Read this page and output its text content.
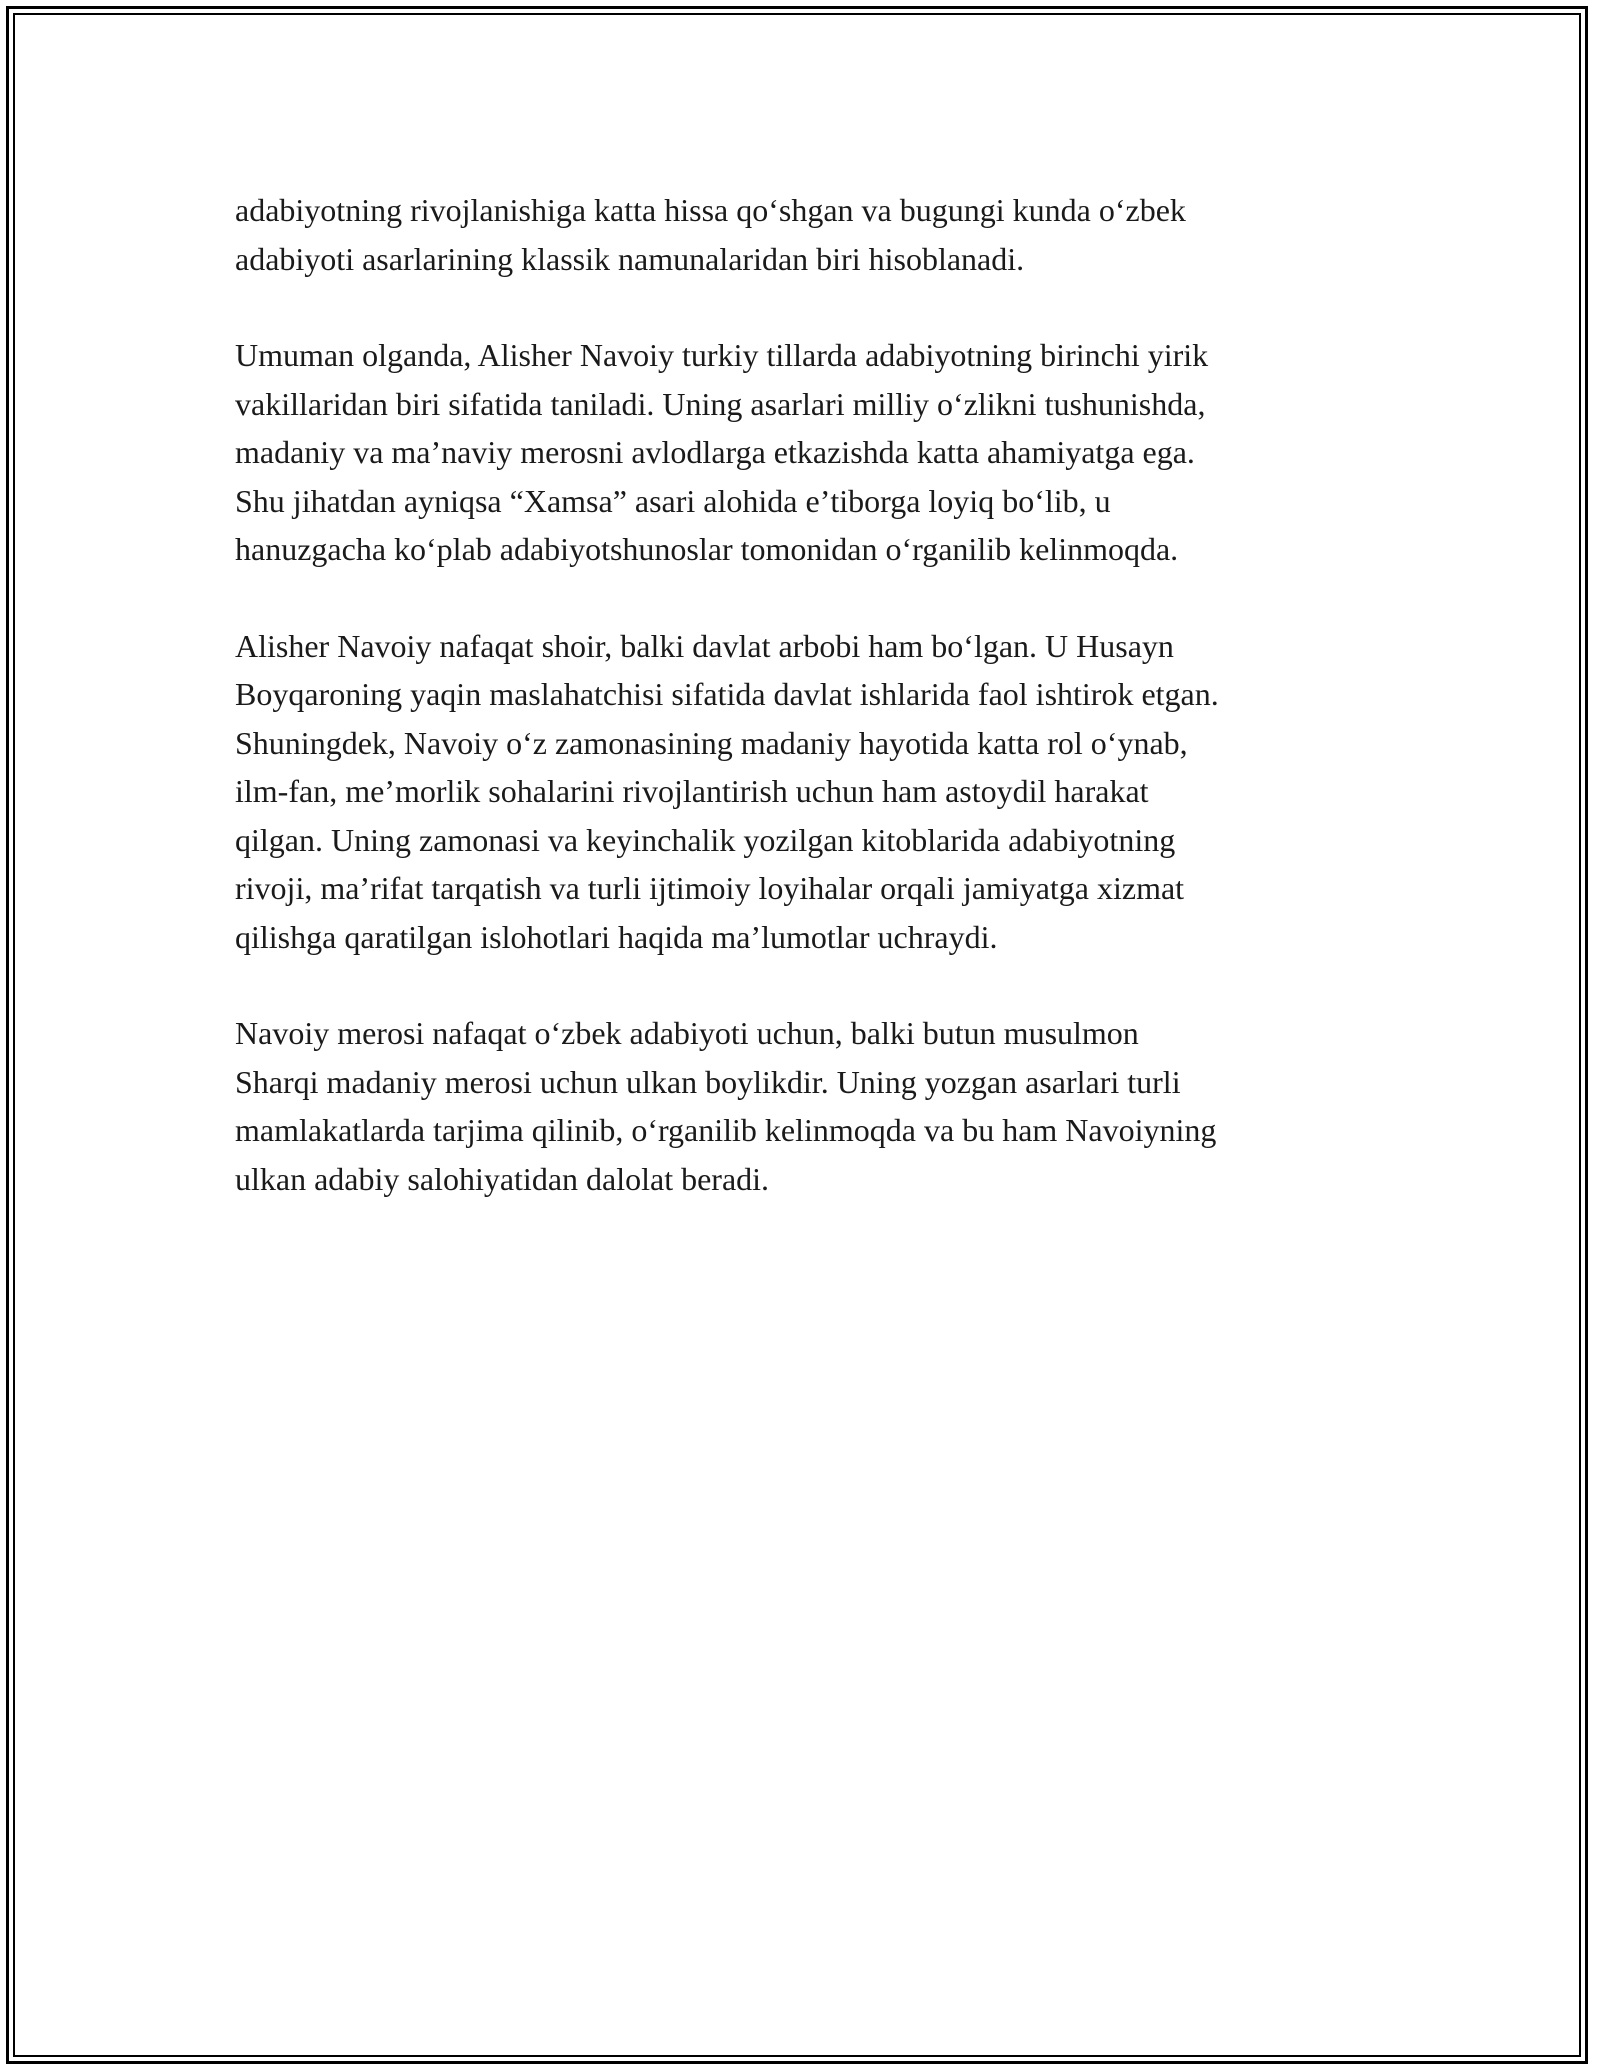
adabiyotning rivojlanishiga katta hissa qoʻshgan va bugungi kunda oʻzbek
adabiyoti asarlarining klassik namunalaridan biri hisoblanadi.

Umuman olganda, Alisher Navoiy turkiy tillarda adabiyotning birinchi yirik
vakillaridan biri sifatida taniladi. Uning asarlari milliy oʻzlikni tushunishda,
madaniy va maʼnaviy merosni avlodlarga etkazishda katta ahamiyatga ega.
Shu jihatdan ayniqsa “Xamsa” asari alohida eʼtiborga loyiq boʻlib, u
hanuzgacha koʻplab adabiyotshunoslar tomonidan oʻrganilib kelinmoqda.

Alisher Navoiy nafaqat shoir, balki davlat arbobi ham boʻlgan. U Husayn
Boyqaroning yaqin maslahatchisi sifatida davlat ishlarida faol ishtirok etgan.
Shuningdek, Navoiy oʻz zamonasining madaniy hayotida katta rol oʻynab,
ilm-fan, meʼmorlik sohalarini rivojlantirish uchun ham astoydil harakat
qilgan. Uning zamonasi va keyinchalik yozilgan kitoblarida adabiyotning
rivoji, maʼrifat tarqatish va turli ijtimoiy loyihalar orqali jamiyatga xizmat
qilishga qaratilgan islohotlari haqida maʼlumotlar uchraydi.

Navoiy merosi nafaqat oʻzbek adabiyoti uchun, balki butun musulmon
Sharqi madaniy merosi uchun ulkan boylikdir. Uning yozgan asarlari turli
mamlakatlarda tarjima qilinib, oʻrganilib kelinmoqda va bu ham Navoiyning
ulkan adabiy salohiyatidan dalolat beradi.
